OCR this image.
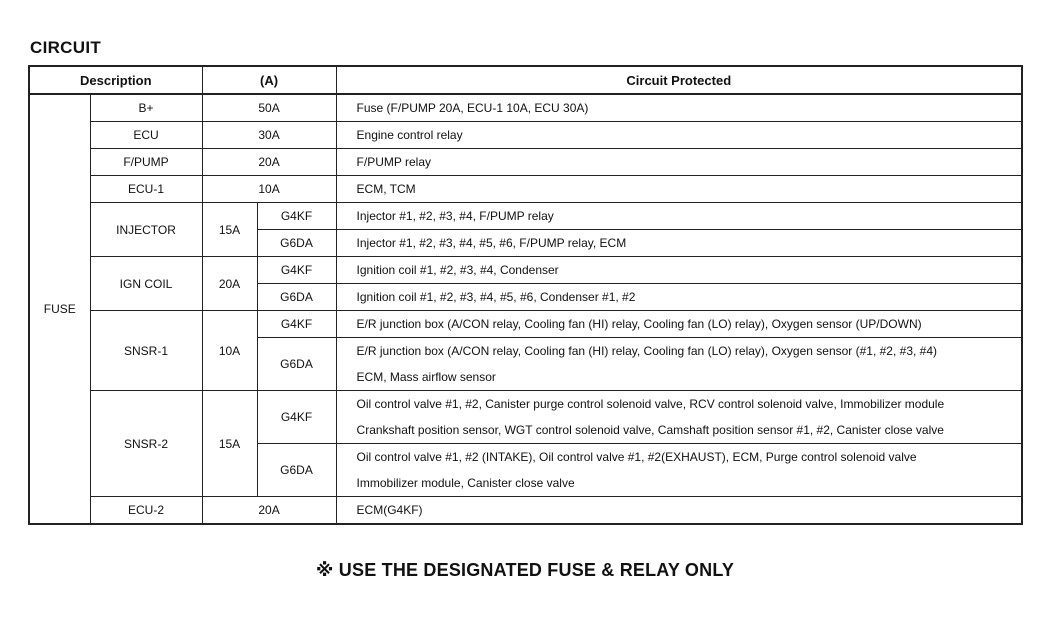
CIRCUIT
Description		(A)		Circuit Protected
FUSE	B+	50A		Fuse (F/PUMP 20A, ECU-1 10A, ECU 30A)
	ECU	30A		Engine control relay
	F/PUMP	20A		F/PUMP relay
	ECU-1	10A		ECM, TCM
	INJECTOR	15A	G4KF	Injector #1, #2, #3, #4, F/PUMP relay
			G6DA	Injector #1, #2, #3, #4, #5, #6, F/PUMP relay, ECM
	IGN COIL	20A	G4KF	Ignition coil #1, #2, #3, #4, Condenser
			G6DA	Ignition coil #1, #2, #3, #4, #5, #6, Condenser #1, #2
	SNSR-1	10A	G4KF	E/R junction box (A/CON relay, Cooling fan (HI) relay, Cooling fan (LO) relay), Oxygen sensor (UP/DOWN)
			G6DA	E/R junction box (A/CON relay, Cooling fan (HI) relay, Cooling fan (LO) relay), Oxygen sensor (#1, #2, #3, #4)
				ECM, Mass airflow sensor
	SNSR-2	15A	G4KF	Oil control valve #1, #2, Canister purge control solenoid valve, RCV control solenoid valve, Immobilizer module
				Crankshaft position sensor, WGT control solenoid valve, Camshaft position sensor #1, #2, Canister close valve
			G6DA	Oil control valve #1, #2 (INTAKE), Oil control valve #1, #2(EXHAUST), ECM, Purge control solenoid valve
				Immobilizer module, Canister close valve
	ECU-2	20A		ECM(G4KF)
※ USE THE DESIGNATED FUSE & RELAY ONLY
